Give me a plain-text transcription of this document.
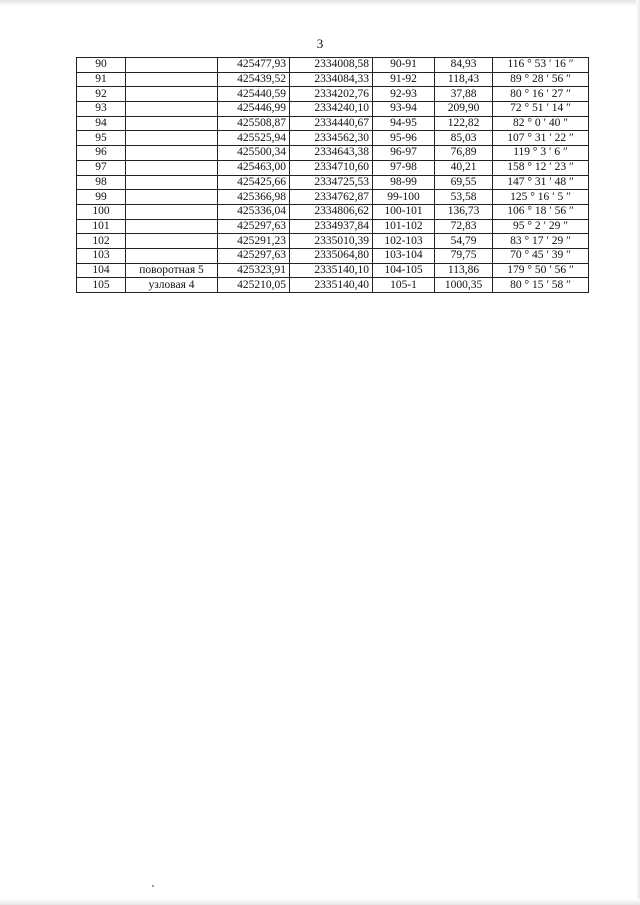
3
90		425477,93	2334008,58	90-91	84,93	116 ° 53 ′ 16 ″
91		425439,52	2334084,33	91-92	118,43	89 ° 28 ′ 56 ″
92		425440,59	2334202,76	92-93	37,88	80 ° 16 ′ 27 ″
93		425446,99	2334240,10	93-94	209,90	72 ° 51 ′ 14 ″
94		425508,87	2334440,67	94-95	122,82	82 ° 0 ′ 40 ″
95		425525,94	2334562,30	95-96	85,03	107 ° 31 ′ 22 ″
96		425500,34	2334643,38	96-97	76,89	119 ° 3 ′ 6 ″
97		425463,00	2334710,60	97-98	40,21	158 ° 12 ′ 23 ″
98		425425,66	2334725,53	98-99	69,55	147 ° 31 ′ 48 ″
99		425366,98	2334762,87	99-100	53,58	125 ° 16 ′ 5 ″
100		425336,04	2334806,62	100-101	136,73	106 ° 18 ′ 56 ″
101		425297,63	2334937,84	101-102	72,83	95 ° 2 ′ 29 ″
102		425291,23	2335010,39	102-103	54,79	83 ° 17 ′ 29 ″
103		425297,63	2335064,80	103-104	79,75	70 ° 45 ′ 39 ″
104	поворотная 5	425323,91	2335140,10	104-105	113,86	179 ° 50 ′ 56 ″
105	узловая 4	425210,05	2335140,40	105-1	1000,35	80 ° 15 ′ 58 ″
